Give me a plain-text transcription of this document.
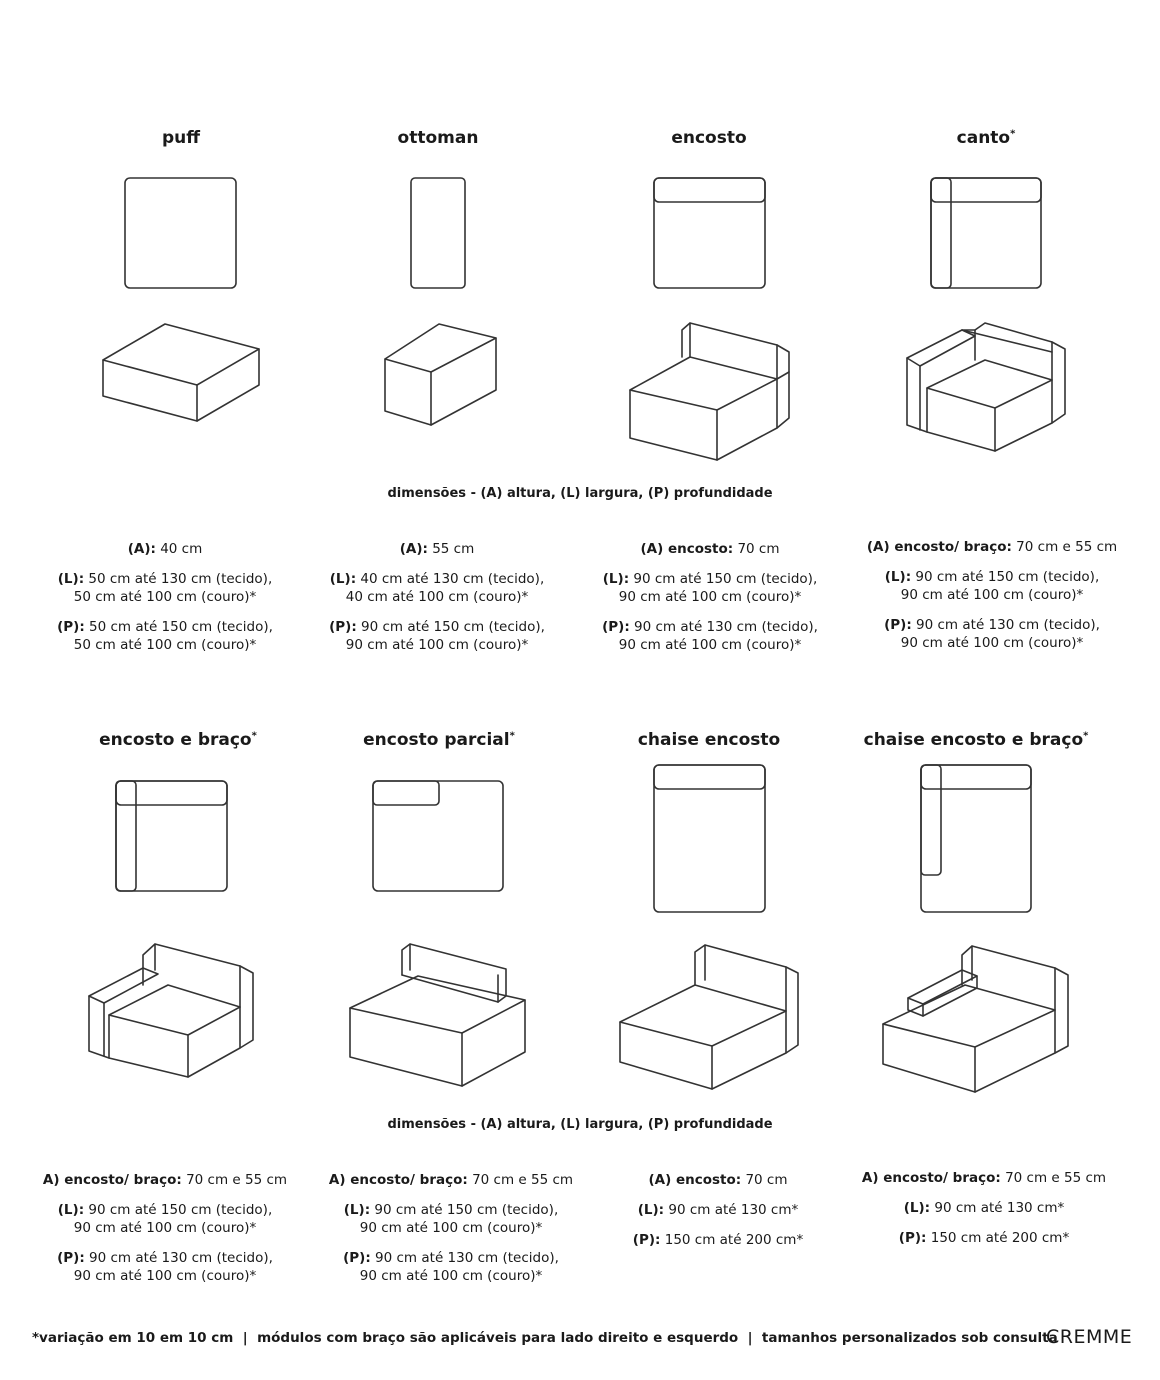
puff	ottoman	encosto	canto*
encosto e braço*	encosto parcial*	chaise encosto	chaise encosto e braço*
dimensões - (A) altura, (L) largura, (P) profundidade
dimensões - (A) altura, (L) largura, (P) profundidade
(A): 40 cm
(L): 50 cm até 130 cm (tecido),
50 cm até 100 cm (couro)*
(P): 50 cm até 150 cm (tecido),
50 cm até 100 cm (couro)*
(A): 55 cm
(L): 40 cm até 130 cm (tecido),
40 cm até 100 cm (couro)*
(P): 90 cm até 150 cm (tecido),
90 cm até 100 cm (couro)*
(A) encosto: 70 cm
(L): 90 cm até 150 cm (tecido),
90 cm até 100 cm (couro)*
(P): 90 cm até 130 cm (tecido),
90 cm até 100 cm (couro)*
(A) encosto/ braço: 70 cm e 55 cm
(L): 90 cm até 150 cm (tecido),
90 cm até 100 cm (couro)*
(P): 90 cm até 130 cm (tecido),
90 cm até 100 cm (couro)*
A) encosto/ braço: 70 cm e 55 cm
(L): 90 cm até 150 cm (tecido),
90 cm até 100 cm (couro)*
(P): 90 cm até 130 cm (tecido),
90 cm até 100 cm (couro)*
A) encosto/ braço: 70 cm e 55 cm
(L): 90 cm até 150 cm (tecido),
90 cm até 100 cm (couro)*
(P): 90 cm até 130 cm (tecido),
90 cm até 100 cm (couro)*
(A) encosto: 70 cm
(L): 90 cm até 130 cm*
(P): 150 cm até 200 cm*
A) encosto/ braço: 70 cm e 55 cm
(L): 90 cm até 130 cm*
(P): 150 cm até 200 cm*
*variação em 10 em 10 cm  |  módulos com braço são aplicáveis para lado direito e esquerdo  |  tamanhos personalizados sob consulta
CREMME
